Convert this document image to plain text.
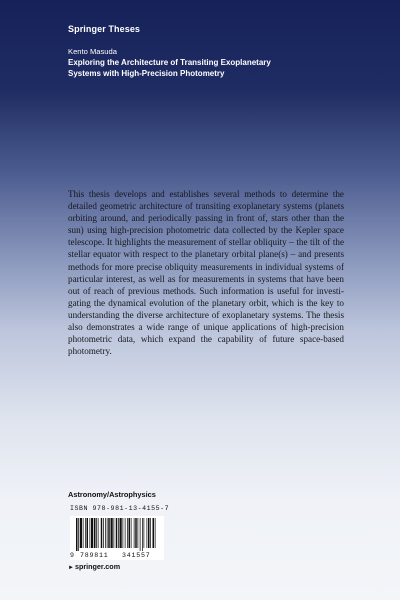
Springer Theses
Kento Masuda
Exploring the Architecture of Transiting Exoplanetary
Systems with High-Precision Photometry

This thesis develops and establishes several methods to determine the detailed geometric architecture of transiting exoplanetary systems (planets orbiting around, and periodically passing in front of, stars other than the sun) using high-precision photometric data collected by the Kepler space telescope. It highlights the measurement of stellar obliquity – the tilt of the stellar equator with respect to the planetary orbital plane(s) – and presents methods for more precise obliquity measurements in individual systems of particular interest, as well as for measurements in systems that have been out of reach of previous methods. Such information is useful for investigating the dynamical evolution of the planetary orbit, which is the key to understanding the diverse architecture of exoplanetary systems. The thesis also demonstrates a wide range of unique applications of high-precision photometric data, which expand the capability of future space-based photometry.

Astronomy/Astrophysics
ISBN 978-981-13-4155-7
9 789811 341557
►springer.com
